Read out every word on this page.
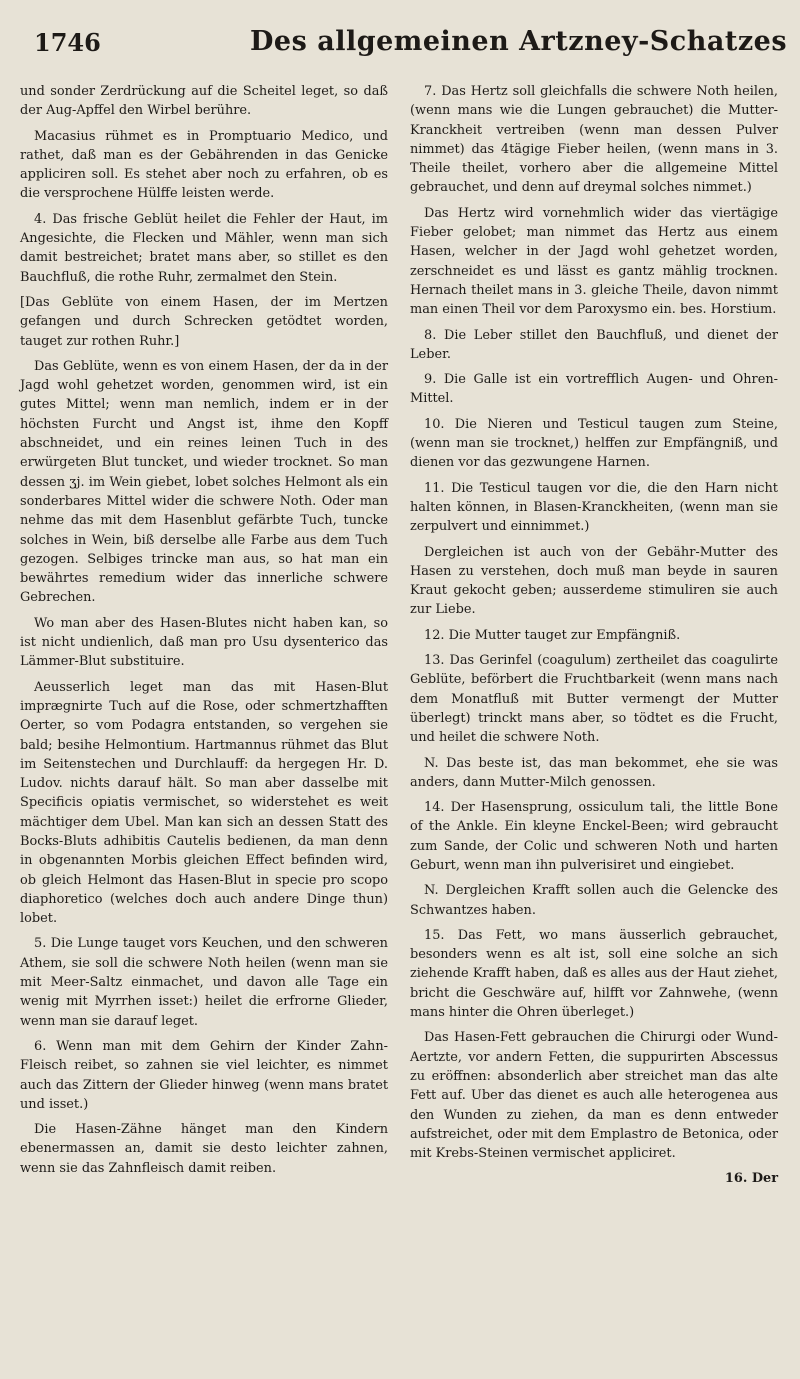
1746	Des allgemeinen Artzney-Schatzes

und sonder Zerdrückung auf die Scheitel leget, so daß der Aug-Apffel den Wirbel berühre.

Macasius rühmet es in Promptuario Medico, und rathet, daß man es der Gebährenden in das Genicke appliciren soll. Es stehet aber noch zu erfahren, ob es die versprochene Hülffe leisten werde.

4. Das frische Geblüt heilet die Fehler der Haut, im Angesichte, die Flecken und Mähler, wenn man sich damit bestreichet; bratet mans aber, so stillet es den Bauchfluß, die rothe Ruhr, zermalmet den Stein.

[Das Geblüte von einem Hasen, der im Mertzen gefangen und durch Schrecken getödtet worden, tauget zur rothen Ruhr.]

Das Geblüte, wenn es von einem Hasen, der da in der Jagd wohl gehetzet worden, genommen wird, ist ein gutes Mittel; wenn man nemlich, indem er in der höchsten Furcht und Angst ist, ihme den Kopff abschneidet, und ein reines leinen Tuch in des erwürgeten Blut tuncket, und wieder trocknet. So man dessen ʒj. im Wein giebet, lobet solches Helmont als ein sonderbares Mittel wider die schwere Noth. Oder man nehme das mit dem Hasenblut gefärbte Tuch, tuncke solches in Wein, biß derselbe alle Farbe aus dem Tuch gezogen. Selbiges trincke man aus, so hat man ein bewährtes remedium wider das innerliche schwere Gebrechen.

Wo man aber des Hasen-Blutes nicht haben kan, so ist nicht undienlich, daß man pro Usu dysenterico das Lämmer-Blut substituire.

Aeusserlich leget man das mit Hasen-Blut imprægnirte Tuch auf die Rose, oder schmertzhafften Oerter, so vom Podagra entstanden, so vergehen sie bald; besihe Helmontium. Hartmannus rühmet das Blut im Seitenstechen und Durchlauff: da hergegen Hr. D. Ludov. nichts darauf hält. So man aber dasselbe mit Specificis opiatis vermischet, so widerstehet es weit mächtiger dem Ubel. Man kan sich an dessen Statt des Bocks-Bluts adhibitis Cautelis bedienen, da man denn in obgenannten Morbis gleichen Effect befinden wird, ob gleich Helmont das Hasen-Blut in specie pro scopo diaphoretico (welches doch auch andere Dinge thun) lobet.

5. Die Lunge tauget vors Keuchen, und den schweren Athem, sie soll die schwere Noth heilen (wenn man sie mit Meer-Saltz einmachet, und davon alle Tage ein wenig mit Myrrhen isset:) heilet die erfrorne Glieder, wenn man sie darauf leget.

6. Wenn man mit dem Gehirn der Kinder Zahn-Fleisch reibet, so zahnen sie viel leichter, es nimmet auch das Zittern der Glieder hinweg (wenn mans bratet und isset.)

Die Hasen-Zähne hänget man den Kindern ebenermassen an, damit sie desto leichter zahnen, wenn sie das Zahnfleisch damit reiben.

7. Das Hertz soll gleichfalls die schwere Noth heilen, (wenn mans wie die Lungen gebrauchet) die Mutter-Kranckheit vertreiben (wenn man dessen Pulver nimmet) das 4tägige Fieber heilen, (wenn mans in 3. Theile theilet, vorhero aber die allgemeine Mittel gebrauchet, und denn auf dreymal solches nimmet.)

Das Hertz wird vornehmlich wider das viertägige Fieber gelobet; man nimmet das Hertz aus einem Hasen, welcher in der Jagd wohl gehetzet worden, zerschneidet es und lässt es gantz mählig trocknen. Hernach theilet mans in 3. gleiche Theile, davon nimmt man einen Theil vor dem Paroxysmo ein. bes. Horstium.

8. Die Leber stillet den Bauchfluß, und dienet der Leber.

9. Die Galle ist ein vortrefflich Augen- und Ohren-Mittel.

10. Die Nieren und Testicul taugen zum Steine, (wenn man sie trocknet,) helffen zur Empfängniß, und dienen vor das gezwungene Harnen.

11. Die Testicul taugen vor die, die den Harn nicht halten können, in Blasen-Kranckheiten, (wenn man sie zerpulvert und einnimmet.)

Dergleichen ist auch von der Gebähr-Mutter des Hasen zu verstehen, doch muß man beyde in sauren Kraut gekocht geben; ausserdeme stimuliren sie auch zur Liebe.

12. Die Mutter tauget zur Empfängniß.

13. Das Gerinfel (coagulum) zertheilet das coagulirte Geblüte, beförbert die Fruchtbarkeit (wenn mans nach dem Monatfluß mit Butter vermengt der Mutter überlegt) trinckt mans aber, so tödtet es die Frucht, und heilet die schwere Noth.

N. Das beste ist, das man bekommet, ehe sie was anders, dann Mutter-Milch genossen.

14. Der Hasensprung, ossiculum tali, the little Bone of the Ankle. Ein kleyne Enckel-Been; wird gebraucht zum Sande, der Colic und schweren Noth und harten Geburt, wenn man ihn pulverisiret und eingiebet.

N. Dergleichen Krafft sollen auch die Gelencke des Schwantzes haben.

15. Das Fett, wo mans äusserlich gebrauchet, besonders wenn es alt ist, soll eine solche an sich ziehende Krafft haben, daß es alles aus der Haut ziehet, bricht die Geschwäre auf, hilfft vor Zahnwehe, (wenn mans hinter die Ohren überleget.)

Das Hasen-Fett gebrauchen die Chirurgi oder Wund-Aertzte, vor andern Fetten, die suppurirten Abscessus zu eröffnen: absonderlich aber streichet man das alte Fett auf. Uber das dienet es auch alle heterogenea aus den Wunden zu ziehen, da man es denn entweder aufstreichet, oder mit dem Emplastro de Betonica, oder mit Krebs-Steinen vermischet appliciret.

16. Der
